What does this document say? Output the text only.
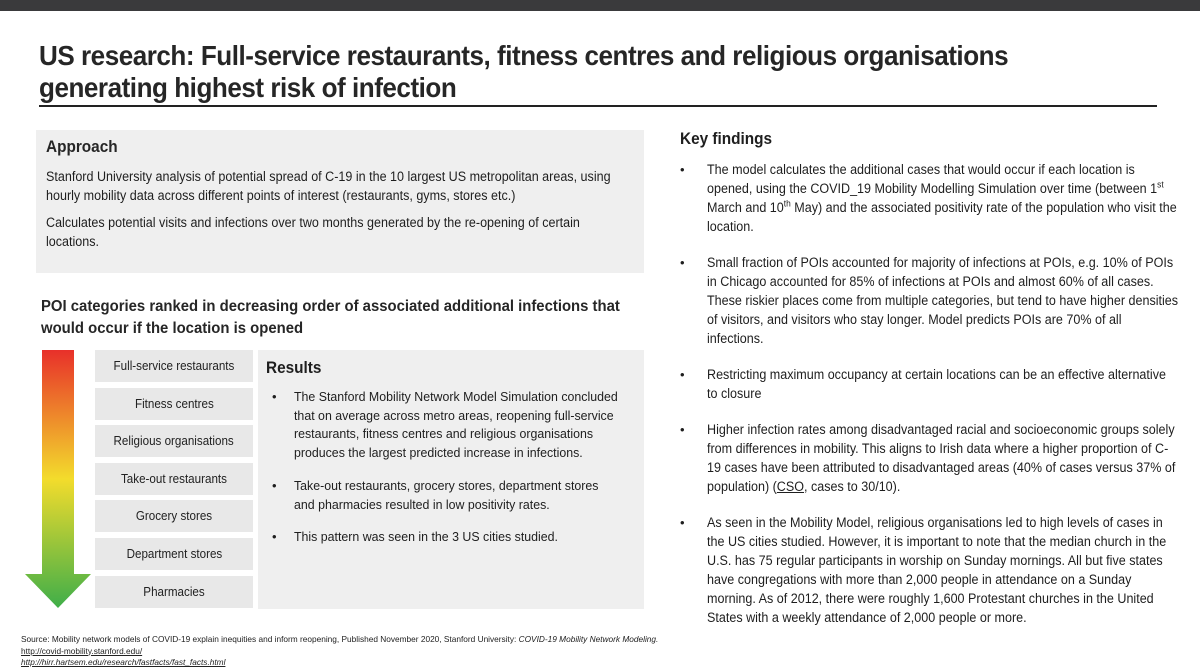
US research: Full-service restaurants, fitness centres and religious organisations generating highest risk of infection
Approach

Stanford University analysis of potential spread of C-19 in the 10 largest US metropolitan areas, using hourly mobility data across different points of interest (restaurants, gyms, stores etc.)

Calculates potential visits and infections over two months generated by the re-opening of certain locations.

POI categories ranked in decreasing order of associated additional infections that would occur if the location is opened
Full-service restaurants
Fitness centres
Religious organisations
Take-out restaurants
Grocery stores
Department stores
Pharmacies
Results
• The Stanford Mobility Network Model Simulation concluded that on average across metro areas, reopening full-service restaurants, fitness centres and religious organisations produces the largest predicted increase in infections.
• Take-out restaurants, grocery stores, department stores and pharmacies resulted in low positivity rates.
• This pattern was seen in the 3 US cities studied.
Key findings
• The model calculates the additional cases that would occur if each location is opened, using the COVID_19 Mobility Modelling Simulation over time (between 1st March and 10th May) and the associated positivity rate of the population who visit the location.
• Small fraction of POIs accounted for majority of infections at POIs, e.g. 10% of POIs in Chicago accounted for 85% of infections at POIs and almost 60% of all cases. These riskier places come from multiple categories, but tend to have higher densities of visitors, and visitors who stay longer. Model predicts POIs are 70% of all infections.
• Restricting maximum occupancy at certain locations can be an effective alternative to closure
• Higher infection rates among disadvantaged racial and socioeconomic groups solely from differences in mobility. This aligns to Irish data where a higher proportion of C-19 cases have been attributed to disadvantaged areas (40% of cases versus 37% of population) (CSO, cases to 30/10).
• As seen in the Mobility Model, religious organisations led to high levels of cases in the US cities studied. However, it is important to note that the median church in the U.S. has 75 regular participants in worship on Sunday mornings. All but five states have congregations with more than 2,000 people in attendance on a Sunday morning. As of 2012, there were roughly 1,600 Protestant churches in the United States with a weekly attendance of 2,000 people or more.
Source: Mobility network models of COVID-19 explain inequities and inform reopening, Published November 2020, Stanford University: COVID-19 Mobility Network Modeling.
http://covid-mobility.stanford.edu/
http://hirr.hartsem.edu/research/fastfacts/fast_facts.html
